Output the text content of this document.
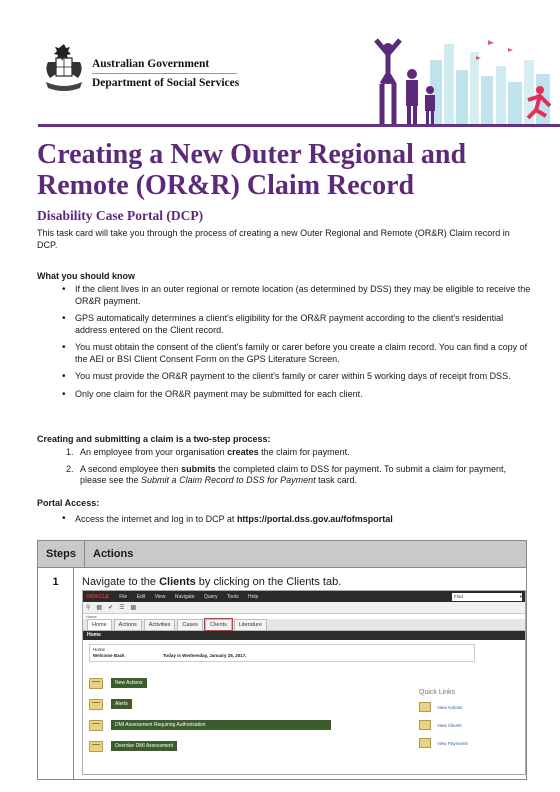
Australian Government
Department of Social Services
Creating a New Outer Regional and Remote (OR&R) Claim Record
Disability Case Portal (DCP)

This task card will take you through the process of creating a new Outer Regional and Remote (OR&R) Claim record in DCP.

What you should know
• If the client lives in an outer regional or remote location (as determined by DSS) they may be eligible to receive the OR&R payment.
• GPS automatically determines a client's eligibility for the OR&R payment according to the client's residential address entered on the Client record.
• You must obtain the consent of the client's family or carer before you create a claim record. You can find a copy of the AEI or BSI Client Consent Form on the GPS Literature Screen.
• You must provide the OR&R payment to the client's family or carer within 5 working days of receipt from DSS.
• Only one claim for the OR&R payment may be submitted for each client.
Creating and submitting a claim is a two-step process:
1. An employee from your organisation creates the claim for payment.
2. A second employee then submits the completed claim to DSS for payment. To submit a claim for payment, please see the Submit a Claim Record to DSS for Payment task card.
Portal Access:
• Access the internet and log in to DCP at https://portal.dss.gov.au/fofmsportal
Steps	Actions
1	Navigate to the Clients by clicking on the Clients tab.
ORACLE File Edit View Navigate Query Tools Help	Find	▾
⚲ ▦ ✔ ☰ ▩
Home
Home	Actions	Activities	Cases	Clients	Literature
Home
Home
Welcome Back	Today is Wednesday, January 25, 2017.
New Actions
Alerts
DMI Assessment Requiring Authorisation
Overdue DMI Assessment
Quick Links
View Actions
View Clients
View Payments
